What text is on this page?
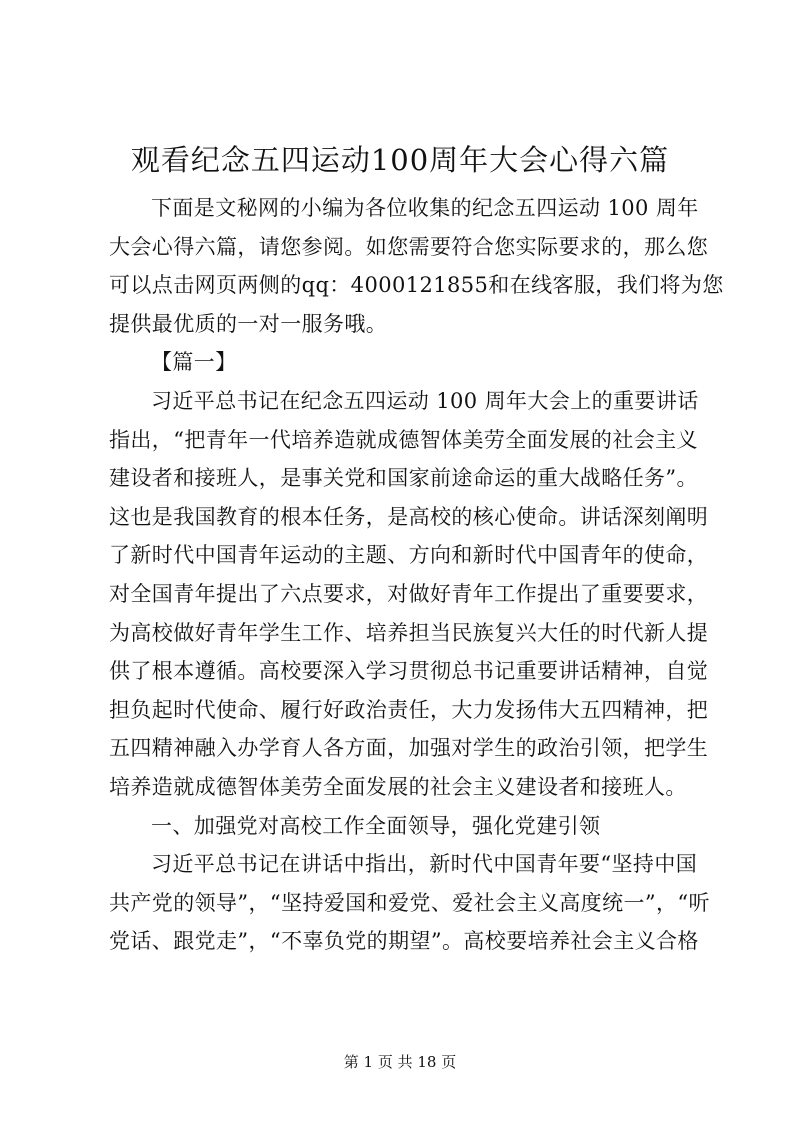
观看纪念五四运动100周年大会心得六篇
下面是文秘网的小编为各位收集的纪念五四运动 100 周年
大会心得六篇，请您参阅。如您需要符合您实际要求的，那么您
可以点击网页两侧的qq：4000121855和在线客服，我们将为您
提供最优质的一对一服务哦。
【篇一】
习近平总书记在纪念五四运动 100 周年大会上的重要讲话
指出，“把青年一代培养造就成德智体美劳全面发展的社会主义
建设者和接班人，是事关党和国家前途命运的重大战略任务”。
这也是我国教育的根本任务，是高校的核心使命。讲话深刻阐明
了新时代中国青年运动的主题、方向和新时代中国青年的使命，
对全国青年提出了六点要求，对做好青年工作提出了重要要求，
为高校做好青年学生工作、培养担当民族复兴大任的时代新人提
供了根本遵循。高校要深入学习贯彻总书记重要讲话精神，自觉
担负起时代使命、履行好政治责任，大力发扬伟大五四精神，把
五四精神融入办学育人各方面，加强对学生的政治引领，把学生
培养造就成德智体美劳全面发展的社会主义建设者和接班人。
一、加强党对高校工作全面领导，强化党建引领
习近平总书记在讲话中指出，新时代中国青年要“坚持中国
共产党的领导”，“坚持爱国和爱党、爱社会主义高度统一”，“听
党话、跟党走”，“不辜负党的期望”。高校要培养社会主义合格
第 1 页 共 18 页
